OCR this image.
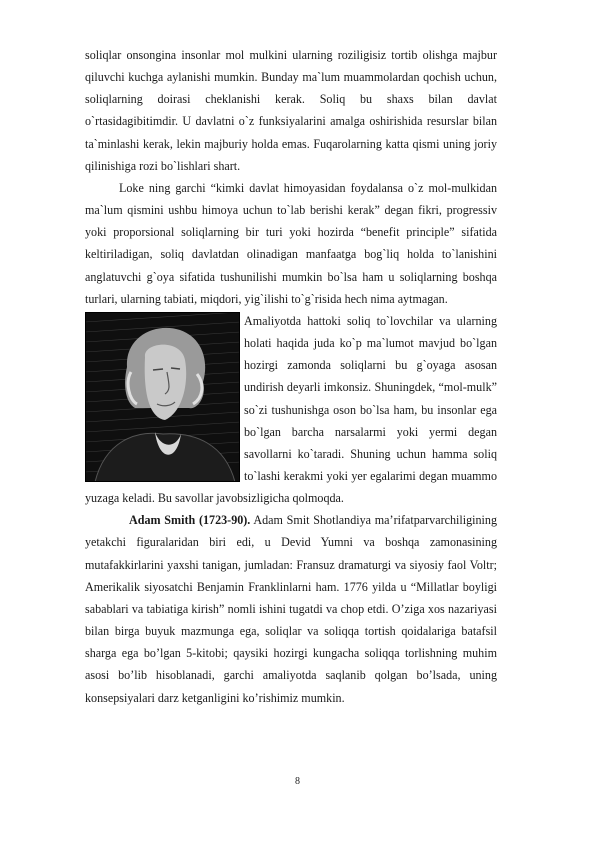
soliqlar onsongina insonlar mol mulkini ularning roziligisiz tortib olishga majbur qiluvchi kuchga aylanishi mumkin. Bunday ma`lum muammolardan qochish uchun, soliqlarning doirasi cheklanishi kerak. Soliq bu shaxs bilan davlat o`rtasidagibitimdir. U davlatni o`z funksiyalarini amalga oshirishida resurslar bilan ta`minlashi kerak, lekin majburiy holda emas. Fuqarolarning katta qismi uning joriy qilinishiga rozi bo`lishlari shart.

Loke ning garchi “kimki davlat himoyasidan foydalansa o`z mol-mulkidan ma`lum qismini ushbu himoya uchun to`lab berishi kerak” degan fikri, progressiv yoki proporsional soliqlarning bir turi yoki hozirda “benefit principle” sifatida keltiriladigan, soliq davlatdan olinadigan manfaatga bog`liq holda to`lanishini anglatuvchi g`oya sifatida tushunilishi mumkin bo`lsa ham u soliqlarning boshqa turlari, ularning tabiati, miqdori, yig`ilishi to`g`risida hech nima aytmagan.

Amaliyotda hattoki soliq to`lovchilar va ularning holati haqida juda ko`p ma`lumot mavjud bo`lgan hozirgi zamonda soliqlarni bu g`oyaga asosan undirish deyarli imkonsiz. Shuningdek, “mol-mulk” so`zi tushunishga oson bo`lsa ham, bu insonlar ega bo`lgan barcha narsalarmi yoki yermi degan savollarni ko`taradi. Shuning uchun hamma soliq to`lashi kerakmi yoki yer egalarimi degan muammo yuzaga keladi. Bu savollar javobsizligicha qolmoqda.

Adam Smith (1723-90). Adam Smit Shotlandiya ma’rifatparvarchiligining yetakchi figuralaridan biri edi, u Devid Yumni va boshqa zamonasining mutafakkirlarini yaxshi tanigan, jumladan: Fransuz dramaturgi va siyosiy faol Voltr; Amerikalik siyosatchi Benjamin Franklinlarni ham. 1776 yilda u “Millatlar boyligi sabablari va tabiatiga kirish” nomli ishini tugatdi va chop etdi. O’ziga xos nazariyasi bilan birga buyuk mazmunga ega, soliqlar va soliqqa tortish qoidalariga batafsil sharga ega bo’lgan 5-kitobi; qaysiki hozirgi kungacha soliqqa torlishning muhim asosi bo’lib hisoblanadi, garchi amaliyotda saqlanib qolgan bo’lsada, uning konsepsiyalari darz ketganligini ko’rishimiz mumkin.

8
